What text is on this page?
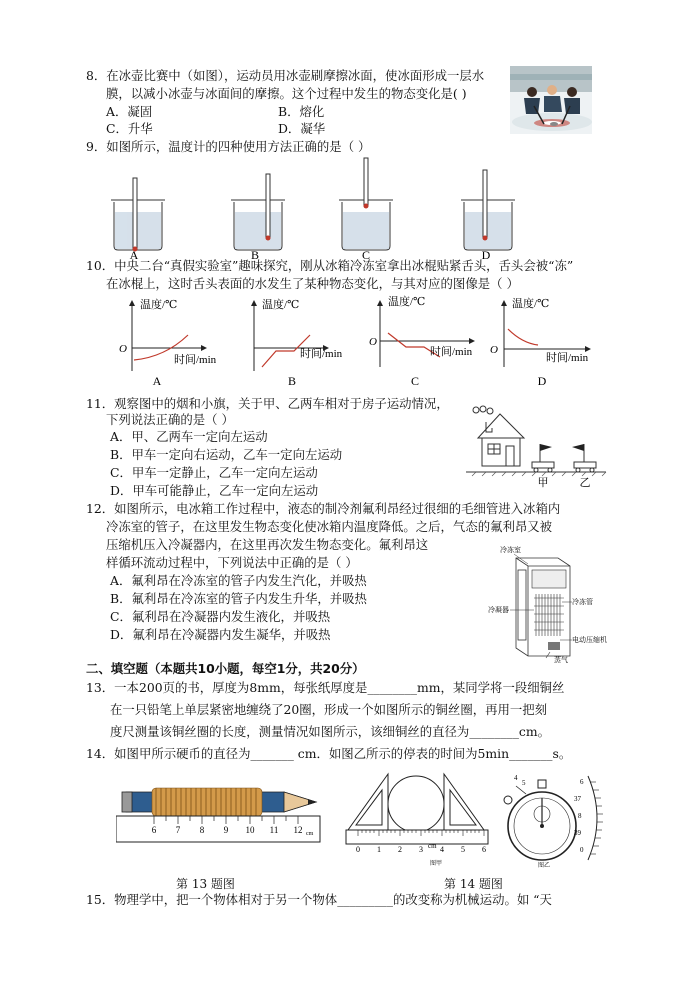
8．在冰壶比赛中（如图），运动员用冰壶刷摩擦冰面，使冰面形成一层水
膜，以减小冰壶与冰面间的摩擦。这个过程中发生的物态变化是( )
A．凝固	B．熔化
C．升华	D．凝华
9．如图所示，温度计的四种使用方法正确的是（ ）
A	B	C	D
10．中央二台“真假实验室”趣味探究，刚从冰箱冷冻室拿出冰棍贴紧舌头，舌头会被“冻”
在冰棍上，这时舌头表面的水发生了某种物态变化，与其对应的图像是（ ）
温度/℃
时间/min
O
A
温度/℃
时间/min
B
温度/℃
时间/min
O
C
温度/℃
时间/min
O
D
11．观察图中的烟和小旗，关于甲、乙两车相对于房子运动情况，
下列说法正确的是（ ）
A．甲、乙两车一定向左运动
B．甲车一定向右运动，乙车一定向左运动
C．甲车一定静止，乙车一定向左运动
D．甲车可能静止，乙车一定向左运动	甲	乙
12．如图所示，电冰箱工作过程中，液态的制冷剂氟利昂经过很细的毛细管进入冰箱内
冷冻室的管子，在这里发生物态变化使冰箱内温度降低。之后，气态的氟利昂又被
压缩机压入冷凝器内，在这里再次发生物态变化。氟利昂这
样循环流动过程中，下列说法中正确的是（ ）
A．氟利昂在冷冻室的管子内发生汽化，并吸热
B．氟利昂在冷冻室的管子内发生升华，并吸热
C．氟利昂在冷凝器内发生液化，并吸热
D．氟利昂在冷凝器内发生凝华，并吸热
冷冻室
冷凝器
冷冻管
电动压缩机
蒸气
二、填空题（本题共10小题，每空1分，共20分）
13．一本200页的书，厚度为8mm，每张纸厚度是________mm，某同学将一段细铜丝
在一只铅笔上单层紧密地缠绕了20圈，形成一个如图所示的铜丝圈，再用一把刻
度尺测量该铜丝圈的长度，测量情况如图所示，该细铜丝的直径为________cm。
14．如图甲所示硬币的直径为_______ cm．如图乙所示的停表的时间为5min_______s。
6 7 8 9 10 11 12 cm
0 1 2 3 4 5 6
cm
图甲
4
5	6
37
8
39
0
图乙
第 13 题图	第 14 题图
15．物理学中，把一个物体相对于另一个物体_________的改变称为机械运动。如 “天
